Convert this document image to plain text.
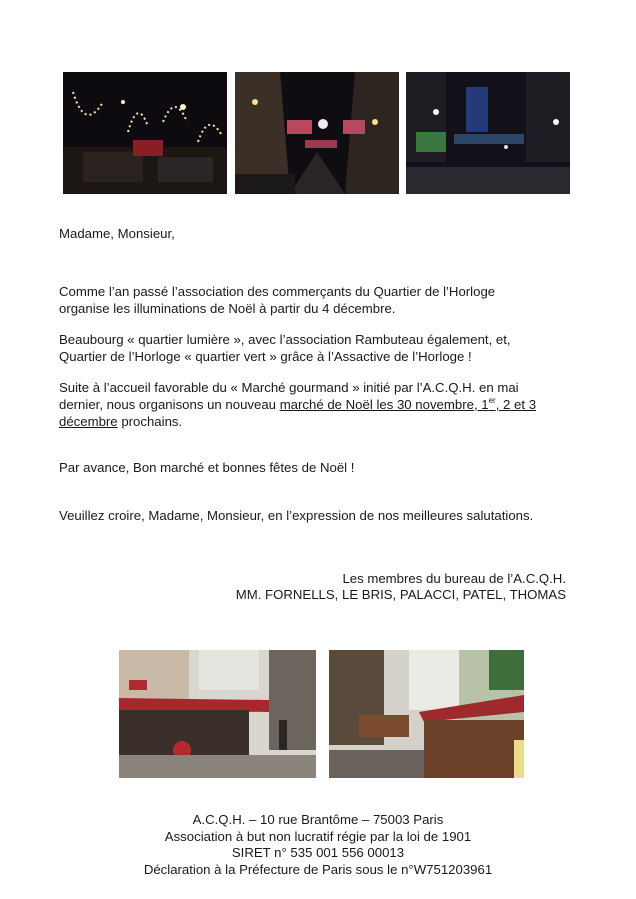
Madame, Monsieur,
Comme l’an passé l’association des commerçants du Quartier de l’Horloge
organise les illuminations de Noël à partir du 4 décembre.
Beaubourg « quartier lumière », avec l’association Rambuteau également, et,
Quartier de l’Horloge « quartier vert » grâce à l’Assactive de l’Horloge !
Suite à l’accueil favorable du « Marché gourmand » initié par l’A.C.Q.H. en mai
dernier, nous organisons un nouveau marché de Noël les 30 novembre, 1er, 2 et 3
décembre prochains.
Par avance, Bon marché et bonnes fêtes de Noël !
Veuillez croire, Madame, Monsieur, en l’expression de nos meilleures salutations.
Les membres du bureau de l’A.C.Q.H.
MM. FORNELLS, LE BRIS, PALACCI, PATEL, THOMAS
A.C.Q.H. – 10 rue Brantôme – 75003 Paris
Association à but non lucratif régie par la loi de 1901
SIRET n° 535 001 556 00013
Déclaration à la Préfecture de Paris sous le n°W751203961
